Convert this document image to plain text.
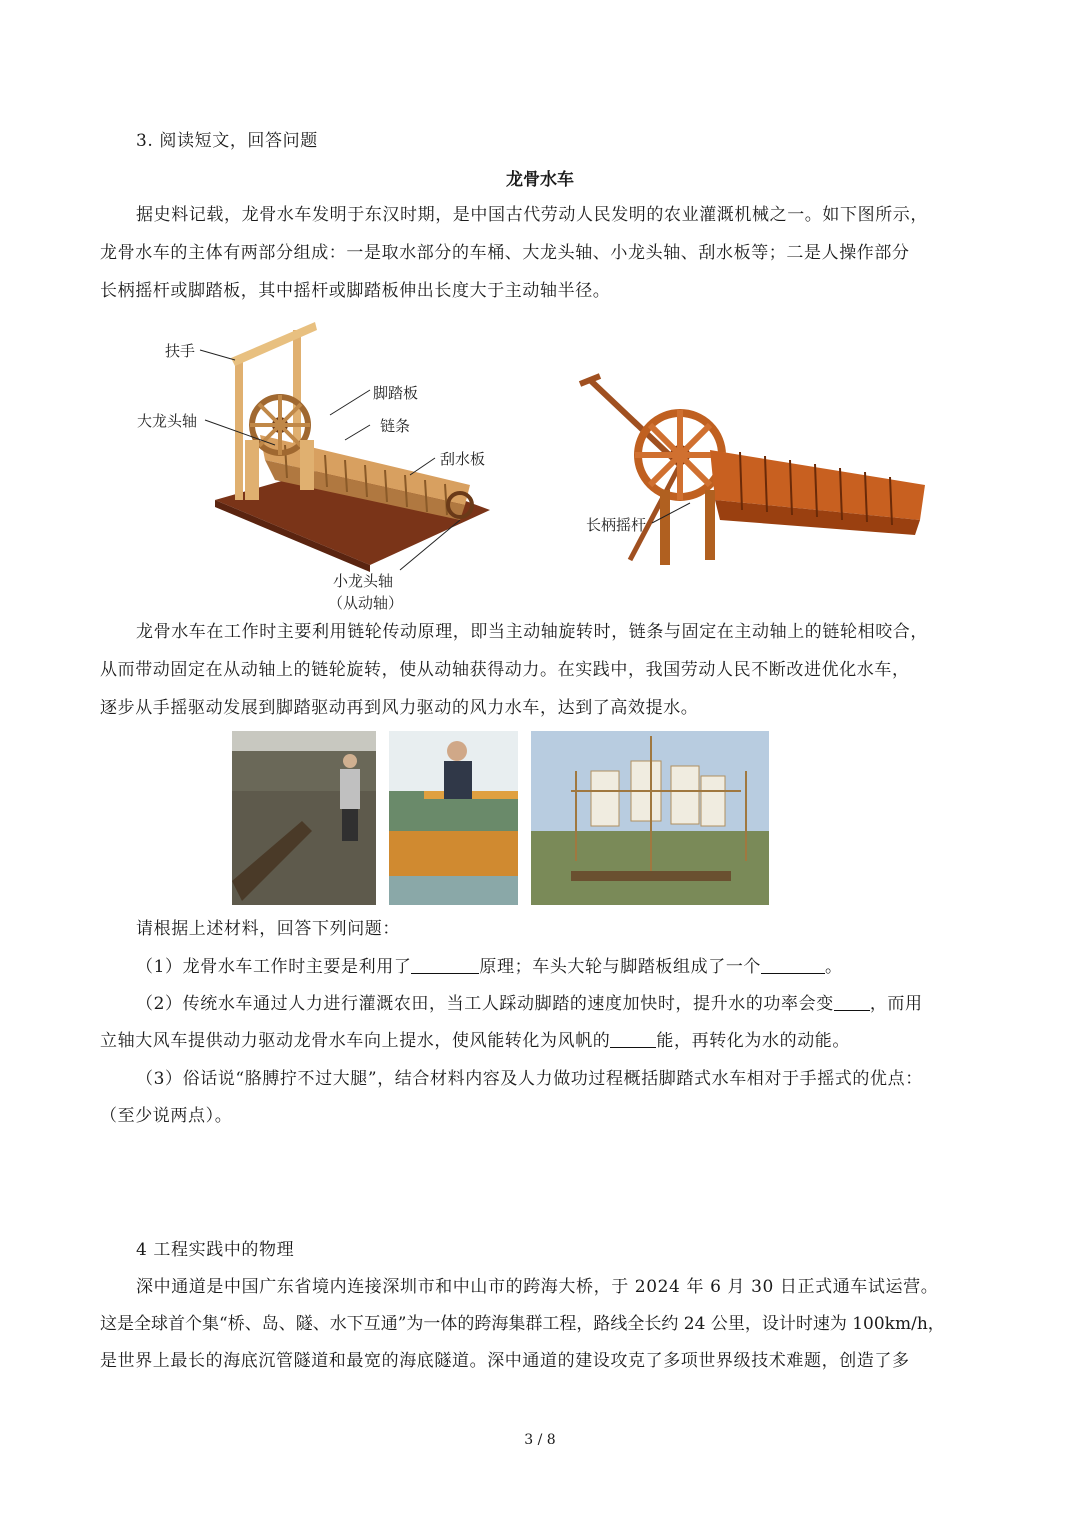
3. 阅读短文，回答问题
龙骨水车
据史料记载，龙骨水车发明于东汉时期，是中国古代劳动人民发明的农业灌溉机械之一。如下图所示，
龙骨水车的主体有两部分组成：一是取水部分的车桶、大龙头轴、小龙头轴、刮水板等；二是人操作部分
长柄摇杆或脚踏板，其中摇杆或脚踏板伸出长度大于主动轴半径。
扶手
脚踏板
大龙头轴	链条
刮水板
小龙头轴
（从动轴）
长柄摇杆
龙骨水车在工作时主要利用链轮传动原理，即当主动轴旋转时，链条与固定在主动轴上的链轮相咬合，
从而带动固定在从动轴上的链轮旋转，使从动轴获得动力。在实践中，我国劳动人民不断改进优化水车，
逐步从手摇驱动发展到脚踏驱动再到风力驱动的风力水车，达到了高效提水。
请根据上述材料，回答下列问题：
（1）龙骨水车工作时主要是利用了	原理；车头大轮与脚踏板组成了一个	。
（2）传统水车通过人力进行灌溉农田，当工人踩动脚踏的速度加快时，提升水的功率会变 ，而用
立轴大风车提供动力驱动龙骨水车向上提水，使风能转化为风帆的	能，再转化为水的动能。
（3）俗话说“胳膊拧不过大腿”，结合材料内容及人力做功过程概括脚踏式水车相对于手摇式的优点：
（至少说两点）。
4 工程实践中的物理
深中通道是中国广东省境内连接深圳市和中山市的跨海大桥，于 2024 年 6 月 30 日正式通车试运营。
这是全球首个集“桥、岛、隧、水下互通”为一体的跨海集群工程，路线全长约 24 公里，设计时速为 100km/h，
是世界上最长的海底沉管隧道和最宽的海底隧道。深中通道的建设攻克了多项世界级技术难题，创造了多
3 / 8
